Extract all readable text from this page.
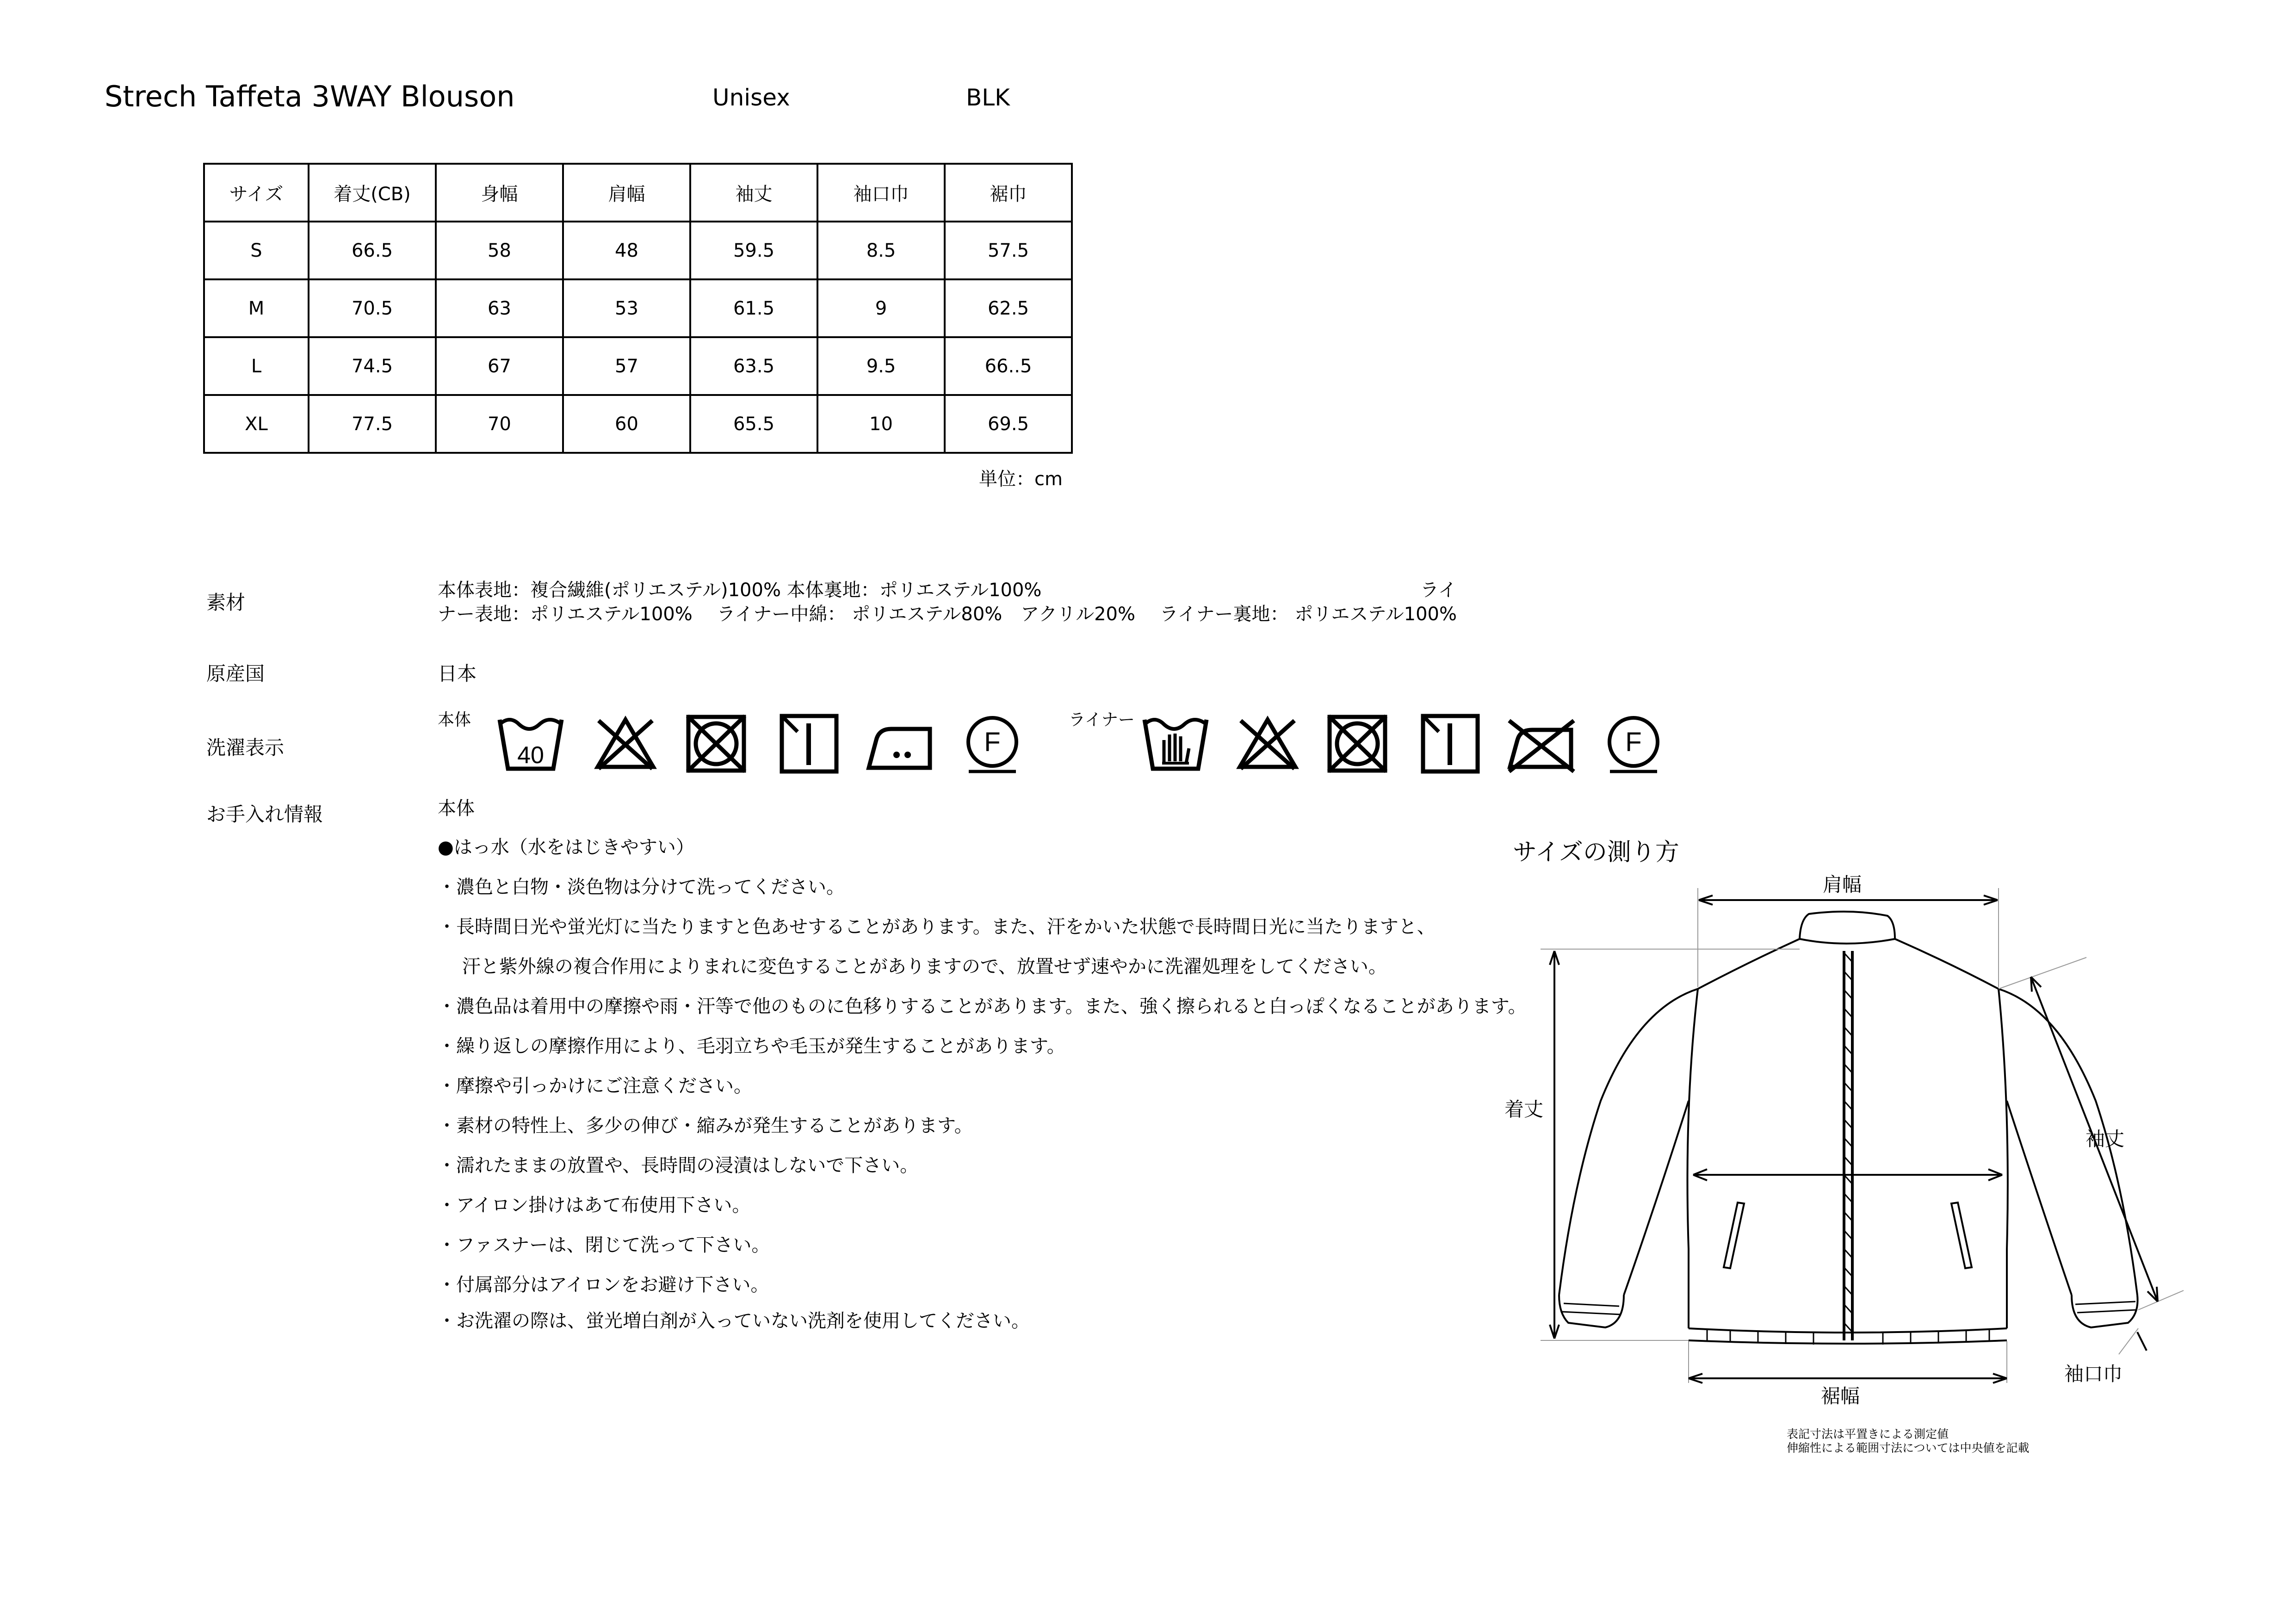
Strech Taffeta 3WAY Blouson	Unisex	BLK
サイズ	着丈(CB)	身幅	肩幅	袖丈	袖口巾	裾巾
S	66.5	58	48	59.5	8.5	57.5
M	70.5	63	53	61.5	9	62.5
L	74.5	67	57	63.5	9.5	66..5
XL	77.5	70	60	65.5	10	69.5
単位：cm
素材
本体表地：複合繊維(ポリエステル)100% 本体裏地：ポリエステル100%	ライ
ナー表地：ポリエステル100%　 ライナー中綿： ポリエステル80%　アクリル20%　 ライナー裏地： ポリエステル100%
原産国	日本
洗濯表示
本体	ライナー
40	F	F
お手入れ情報	本体
●はっ水（水をはじきやすい）
・濃色と白物・淡色物は分けて洗ってください。
・長時間日光や蛍光灯に当たりますと色あせすることがあります。また、汗をかいた状態で長時間日光に当たりますと、
　 汗と紫外線の複合作用によりまれに変色することがありますので、放置せず速やかに洗濯処理をしてください。
・濃色品は着用中の摩擦や雨・汗等で他のものに色移りすることがあります。また、強く擦られると白っぽくなることがあります。
・繰り返しの摩擦作用により、毛羽立ちや毛玉が発生することがあります。
・摩擦や引っかけにご注意ください。
・素材の特性上、多少の伸び・縮みが発生することがあります。
・濡れたままの放置や、長時間の浸漬はしないで下さい。
・アイロン掛けはあて布使用下さい。
・ファスナーは、閉じて洗って下さい。
・付属部分はアイロンをお避け下さい。
・お洗濯の際は、蛍光増白剤が入っていない洗剤を使用してください。
サイズの測り方
肩幅
着丈
袖丈
裾幅
袖口巾
表記寸法は平置きによる測定値
伸縮性による範囲寸法については中央値を記載
